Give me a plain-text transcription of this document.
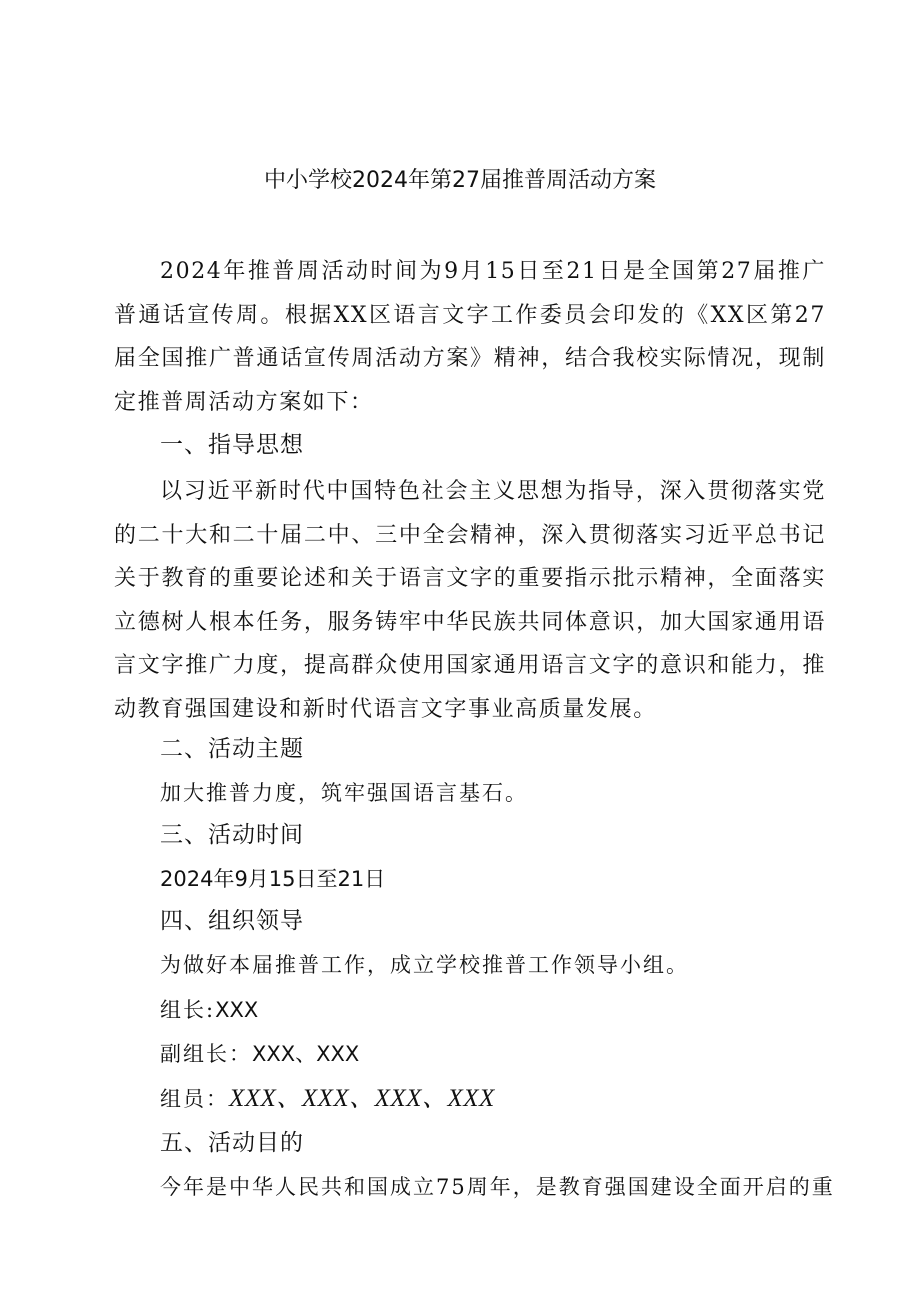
中小学校2024年第27届推普周活动方案

2024年推普周活动时间为9月15日至21日是全国第27届推广普通话宣传周。根据XX区语言文字工作委员会印发的《XX区第27届全国推广普通话宣传周活动方案》精神，结合我校实际情况，现制定推普周活动方案如下：

一、指导思想

以习近平新时代中国特色社会主义思想为指导，深入贯彻落实党的二十大和二十届二中、三中全会精神，深入贯彻落实习近平总书记关于教育的重要论述和关于语言文字的重要指示批示精神，全面落实立德树人根本任务，服务铸牢中华民族共同体意识，加大国家通用语言文字推广力度，提高群众使用国家通用语言文字的意识和能力，推动教育强国建设和新时代语言文字事业高质量发展。

二、活动主题
加大推普力度，筑牢强国语言基石。
三、活动时间
2024年9月15日至21日
四、组织领导
为做好本届推普工作，成立学校推普工作领导小组。
组长:XXX
副组长：XXX、XXX
组员：XXX、XXX、XXX、XXX
五、活动目的
今年是中华人民共和国成立75周年，是教育强国建设全面开启的重
